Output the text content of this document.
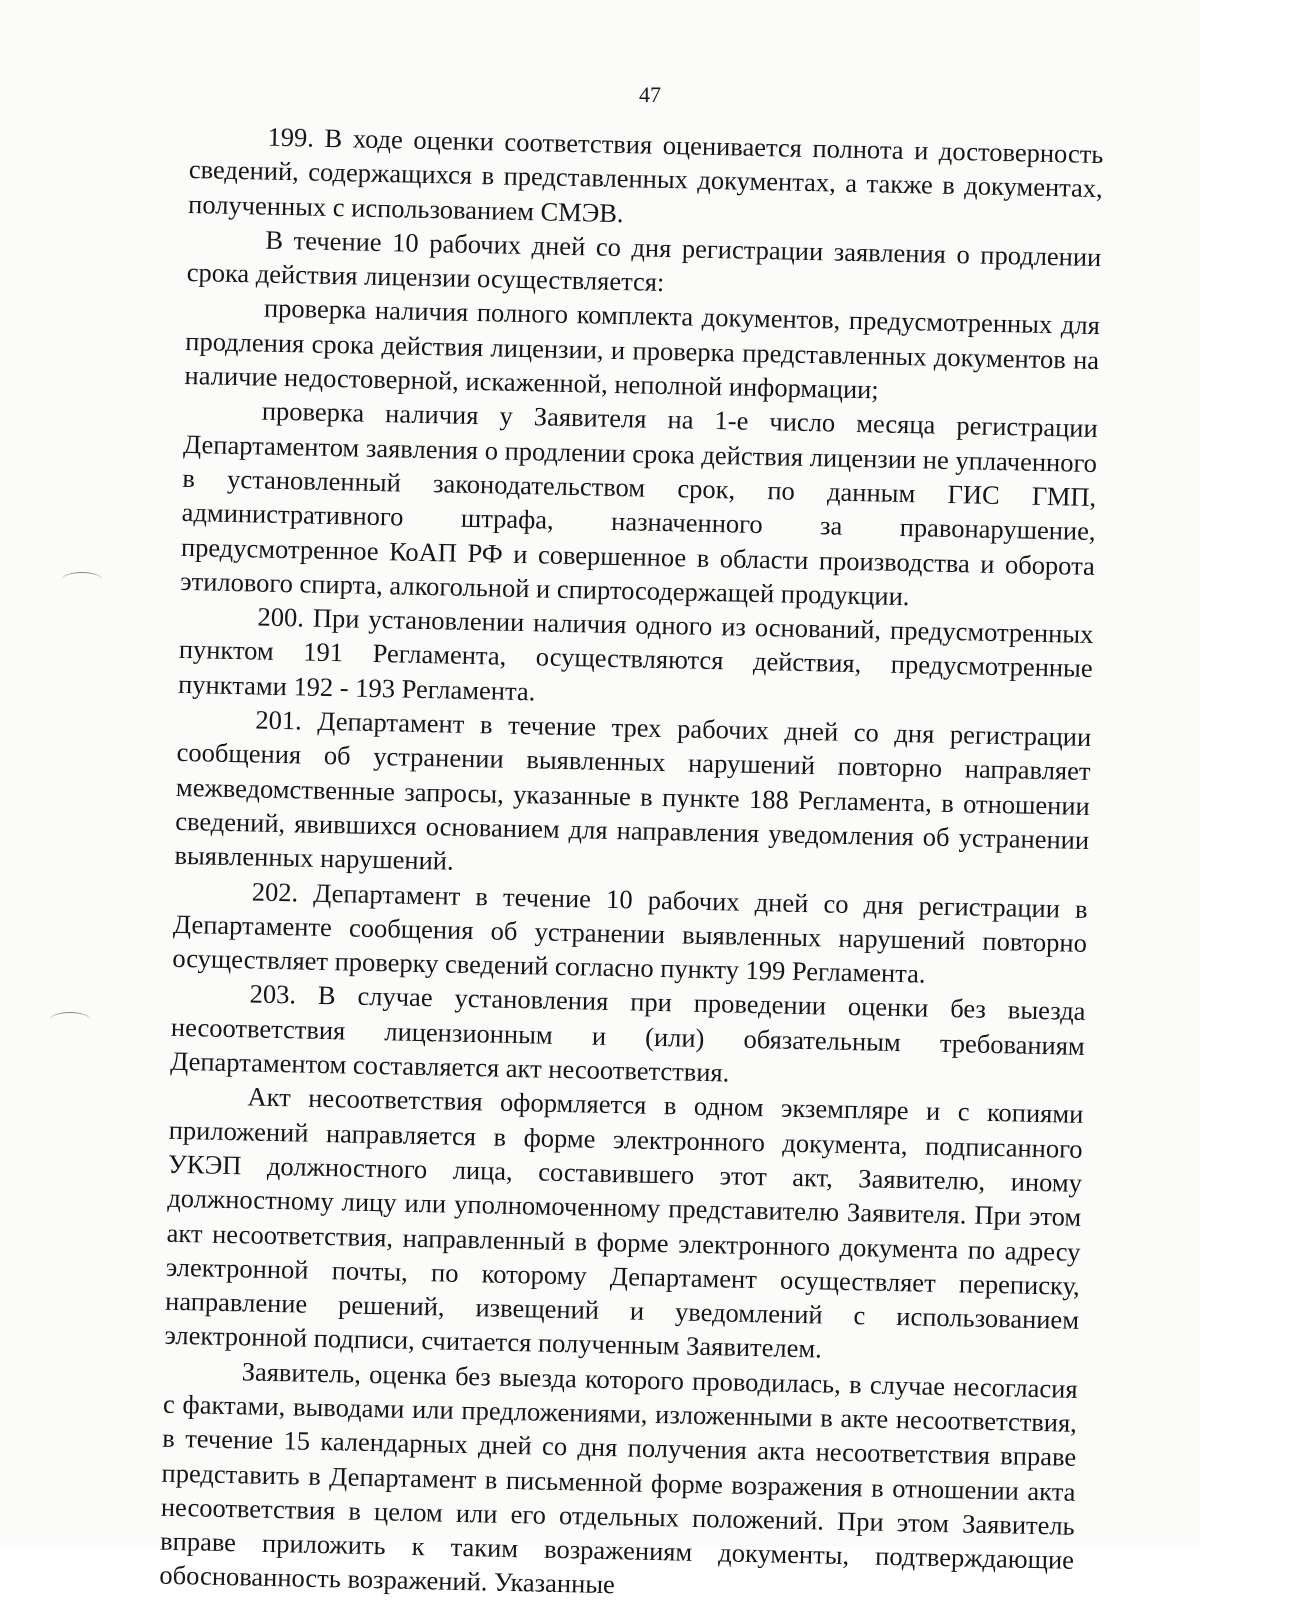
47

199. В ходе оценки соответствия оценивается полнота и достоверность сведений, содержащихся в представленных документах, а также в документах, полученных с использованием СМЭВ.

В течение 10 рабочих дней со дня регистрации заявления о продлении срока действия лицензии осуществляется:

проверка наличия полного комплекта документов, предусмотренных для продления срока действия лицензии, и проверка представленных документов на наличие недостоверной, искаженной, неполной информации;

проверка наличия у Заявителя на 1-е число месяца регистрации Департаментом заявления о продлении срока действия лицензии не уплаченного в установленный законодательством срок, по данным ГИС ГМП, административного штрафа, назначенного за правонарушение, предусмотренное КоАП РФ и совершенное в области производства и оборота этилового спирта, алкогольной и спиртосодержащей продукции.

200. При установлении наличия одного из оснований, предусмотренных пунктом 191 Регламента, осуществляются действия, предусмотренные пунктами 192 - 193 Регламента.

201. Департамент в течение трех рабочих дней со дня регистрации сообщения об устранении выявленных нарушений повторно направляет межведомственные запросы, указанные в пункте 188 Регламента, в отношении сведений, явившихся основанием для направления уведомления об устранении выявленных нарушений.

202. Департамент в течение 10 рабочих дней со дня регистрации в Департаменте сообщения об устранении выявленных нарушений повторно осуществляет проверку сведений согласно пункту 199 Регламента.

203. В случае установления при проведении оценки без выезда несоответствия лицензионным и (или) обязательным требованиям Департаментом составляется акт несоответствия.

Акт несоответствия оформляется в одном экземпляре и с копиями приложений направляется в форме электронного документа, подписанного УКЭП должностного лица, составившего этот акт, Заявителю, иному должностному лицу или уполномоченному представителю Заявителя. При этом акт несоответствия, направленный в форме электронного документа по адресу электронной почты, по которому Департамент осуществляет переписку, направление решений, извещений и уведомлений с использованием электронной подписи, считается полученным Заявителем.

Заявитель, оценка без выезда которого проводилась, в случае несогласия с фактами, выводами или предложениями, изложенными в акте несоответствия, в течение 15 календарных дней со дня получения акта несоответствия вправе представить в Департамент в письменной форме возражения в отношении акта несоответствия в целом или его отдельных положений. При этом Заявитель вправе приложить к таким возражениям документы, подтверждающие обоснованность возражений. Указанные
